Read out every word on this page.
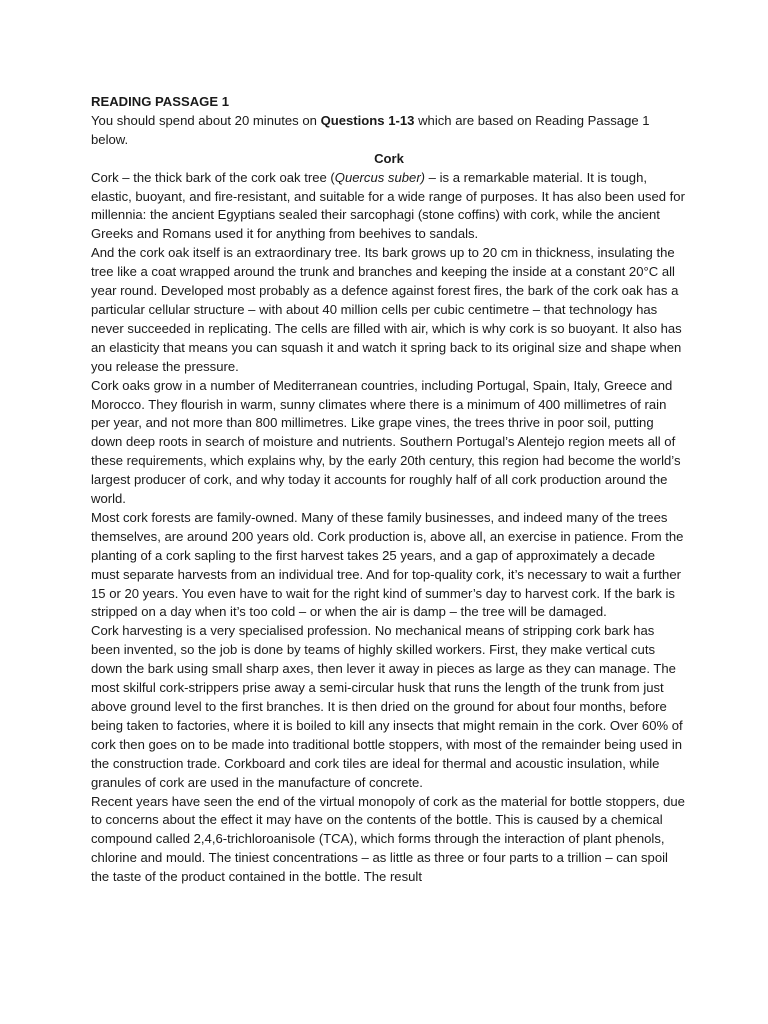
READING PASSAGE 1

You should spend about 20 minutes on Questions 1-13 which are based on Reading Passage 1 below.

Cork

Cork – the thick bark of the cork oak tree (Quercus suber) – is a remarkable material. It is tough, elastic, buoyant, and fire-resistant, and suitable for a wide range of purposes. It has also been used for millennia: the ancient Egyptians sealed their sarcophagi (stone coffins) with cork, while the ancient Greeks and Romans used it for anything from beehives to sandals.

And the cork oak itself is an extraordinary tree. Its bark grows up to 20 cm in thickness, insulating the tree like a coat wrapped around the trunk and branches and keeping the inside at a constant 20°C all year round. Developed most probably as a defence against forest fires, the bark of the cork oak has a particular cellular structure – with about 40 million cells per cubic centimetre – that technology has never succeeded in replicating. The cells are filled with air, which is why cork is so buoyant. It also has an elasticity that means you can squash it and watch it spring back to its original size and shape when you release the pressure.

Cork oaks grow in a number of Mediterranean countries, including Portugal, Spain, Italy, Greece and Morocco. They flourish in warm, sunny climates where there is a minimum of 400 millimetres of rain per year, and not more than 800 millimetres. Like grape vines, the trees thrive in poor soil, putting down deep roots in search of moisture and nutrients. Southern Portugal’s Alentejo region meets all of these requirements, which explains why, by the early 20th century, this region had become the world’s largest producer of cork, and why today it accounts for roughly half of all cork production around the world.

Most cork forests are family-owned. Many of these family businesses, and indeed many of the trees themselves, are around 200 years old. Cork production is, above all, an exercise in patience. From the planting of a cork sapling to the first harvest takes 25 years, and a gap of approximately a decade must separate harvests from an individual tree. And for top-quality cork, it’s necessary to wait a further 15 or 20 years. You even have to wait for the right kind of summer’s day to harvest cork. If the bark is stripped on a day when it’s too cold – or when the air is damp – the tree will be damaged.

Cork harvesting is a very specialised profession. No mechanical means of stripping cork bark has been invented, so the job is done by teams of highly skilled workers. First, they make vertical cuts down the bark using small sharp axes, then lever it away in pieces as large as they can manage. The most skilful cork-strippers prise away a semi-circular husk that runs the length of the trunk from just above ground level to the first branches. It is then dried on the ground for about four months, before being taken to factories, where it is boiled to kill any insects that might remain in the cork. Over 60% of cork then goes on to be made into traditional bottle stoppers, with most of the remainder being used in the construction trade. Corkboard and cork tiles are ideal for thermal and acoustic insulation, while granules of cork are used in the manufacture of concrete.

Recent years have seen the end of the virtual monopoly of cork as the material for bottle stoppers, due to concerns about the effect it may have on the contents of the bottle. This is caused by a chemical compound called 2,4,6-trichloroanisole (TCA), which forms through the interaction of plant phenols, chlorine and mould. The tiniest concentrations – as little as three or four parts to a trillion – can spoil the taste of the product contained in the bottle. The result
